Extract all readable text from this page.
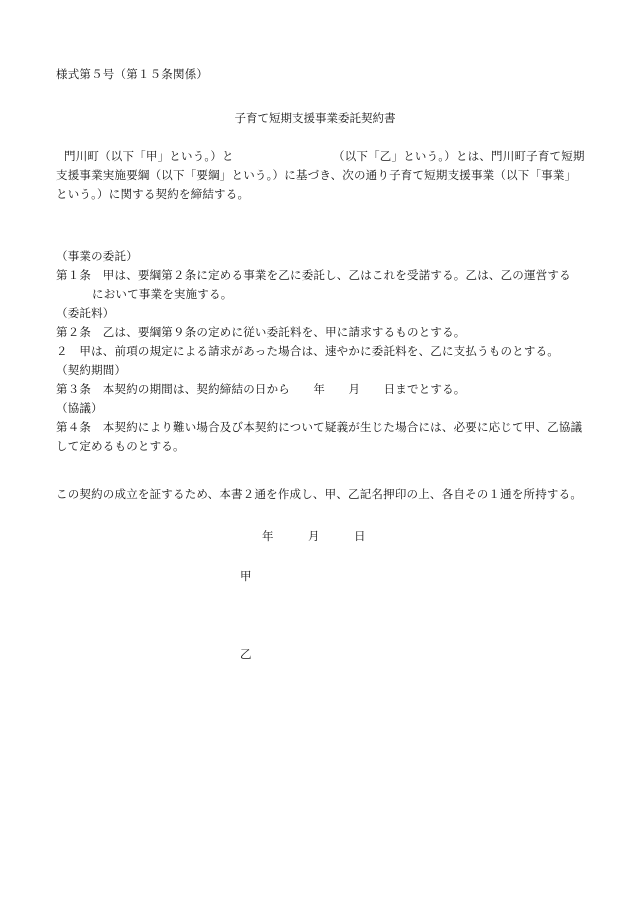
様式第５号（第１５条関係）
子育て短期支援事業委託契約書
門川町（以下「甲」という。）と	（以下「乙」という。）とは、門川町子育て短期
支援事業実施要綱（以下「要綱」という。）に基づき、次の通り子育て短期支援事業（以下「事業」
という。）に関する契約を締結する。
（事業の委託）
第１条　甲は、要綱第２条に定める事業を乙に委託し、乙はこれを受諾する。乙は、乙の運営する
において事業を実施する。
（委託料）
第２条　乙は、要綱第９条の定めに従い委託料を、甲に請求するものとする。
２　甲は、前項の規定による請求があった場合は、速やかに委託料を、乙に支払うものとする。
（契約期間）
第３条　本契約の期間は、契約締結の日から　　年　　月　　日までとする。
（協議）
第４条　本契約により難い場合及び本契約について疑義が生じた場合には、必要に応じて甲、乙協議
して定めるものとする。
この契約の成立を証するため、本書２通を作成し、甲、乙記名押印の上、各自その１通を所持する。
年　　　月　　　日
甲
乙
